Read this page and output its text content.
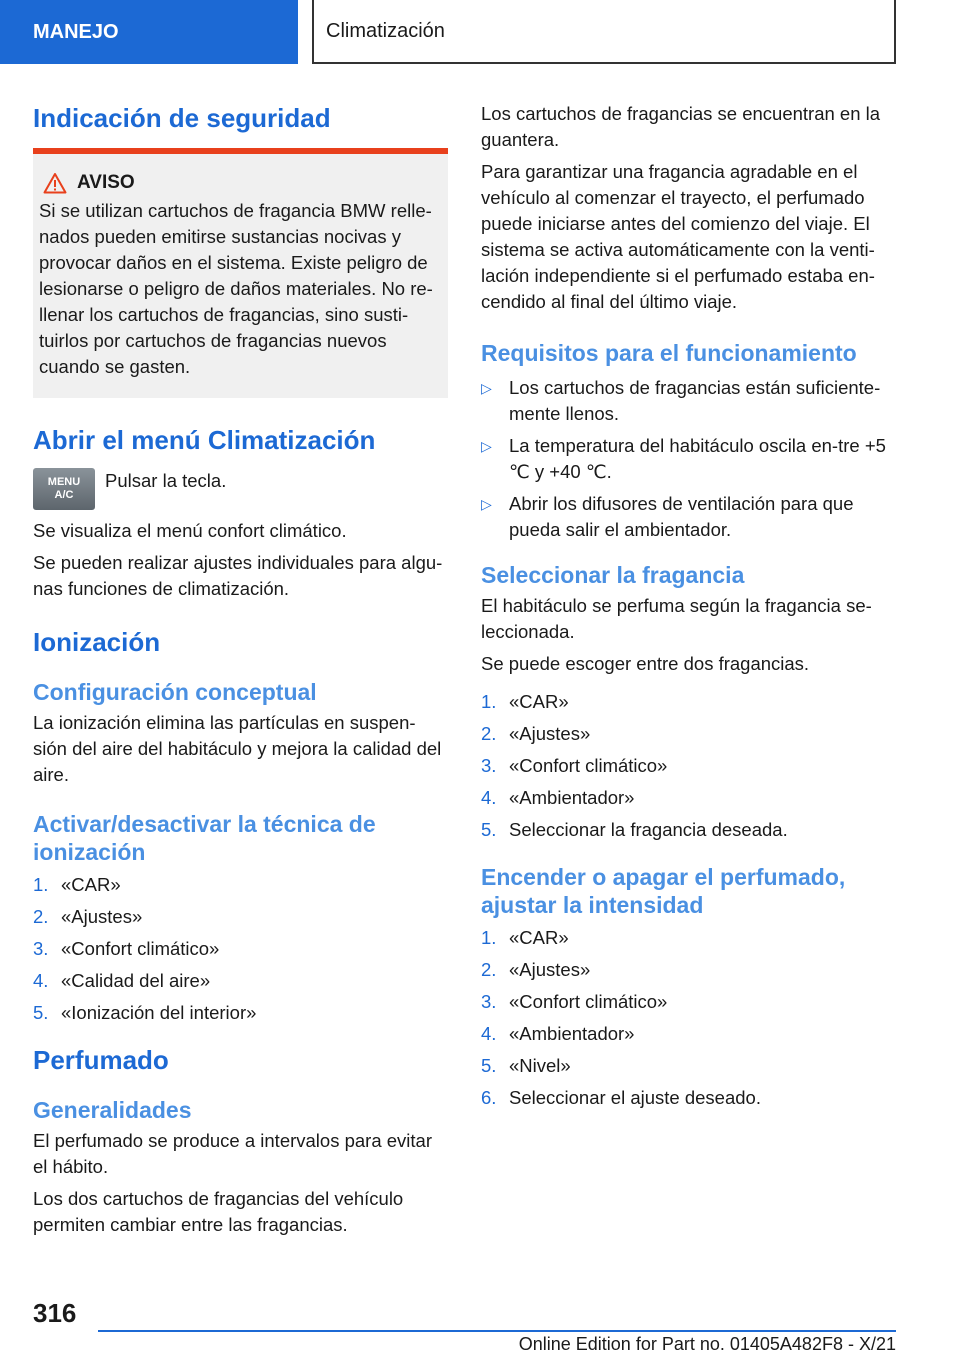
MANEJO	Climatización
Indicación de seguridad
AVISO

Si se utilizan cartuchos de fragancia BMW relle-nados pueden emitirse sustancias nocivas y provocar daños en el sistema. Existe peligro de lesionarse o peligro de daños materiales. No re-llenar los cartuchos de fragancias, sino susti-tuirlos por cartuchos de fragancias nuevos cuando se gasten.

Abrir el menú Climatización
MENU
A/C

Pulsar la tecla.

Se visualiza el menú confort climático.

Se pueden realizar ajustes individuales para algu-nas funciones de climatización.

Ionización
Configuración conceptual

La ionización elimina las partículas en suspen-sión del aire del habitáculo y mejora la calidad del aire.

Activar/desactivar la técnica de ionización
1. «CAR»
2. «Ajustes»
3. «Confort climático»
4. «Calidad del aire»
5. «Ionización del interior»
Perfumado
Generalidades

El perfumado se produce a intervalos para evitar el hábito.

Los dos cartuchos de fragancias del vehículo permiten cambiar entre las fragancias.

Los cartuchos de fragancias se encuentran en la guantera.

Para garantizar una fragancia agradable en el vehículo al comenzar el trayecto, el perfumado puede iniciarse antes del comienzo del viaje. El sistema se activa automáticamente con la venti-lación independiente si el perfumado estaba en-cendido al final del último viaje.

Requisitos para el funcionamiento
▷ Los cartuchos de fragancias están suficiente-mente llenos.
▷ La temperatura del habitáculo oscila en-tre +5 ℃ y +40 ℃.
▷ Abrir los difusores de ventilación para que pueda salir el ambientador.
Seleccionar la fragancia

El habitáculo se perfuma según la fragancia se-leccionada.

Se puede escoger entre dos fragancias.

1. «CAR»
2. «Ajustes»
3. «Confort climático»
4. «Ambientador»
5. Seleccionar la fragancia deseada.
Encender o apagar el perfumado, ajustar la intensidad
1. «CAR»
2. «Ajustes»
3. «Confort climático»
4. «Ambientador»
5. «Nivel»
6. Seleccionar el ajuste deseado.
316
Online Edition for Part no. 01405A482F8 - X/21
